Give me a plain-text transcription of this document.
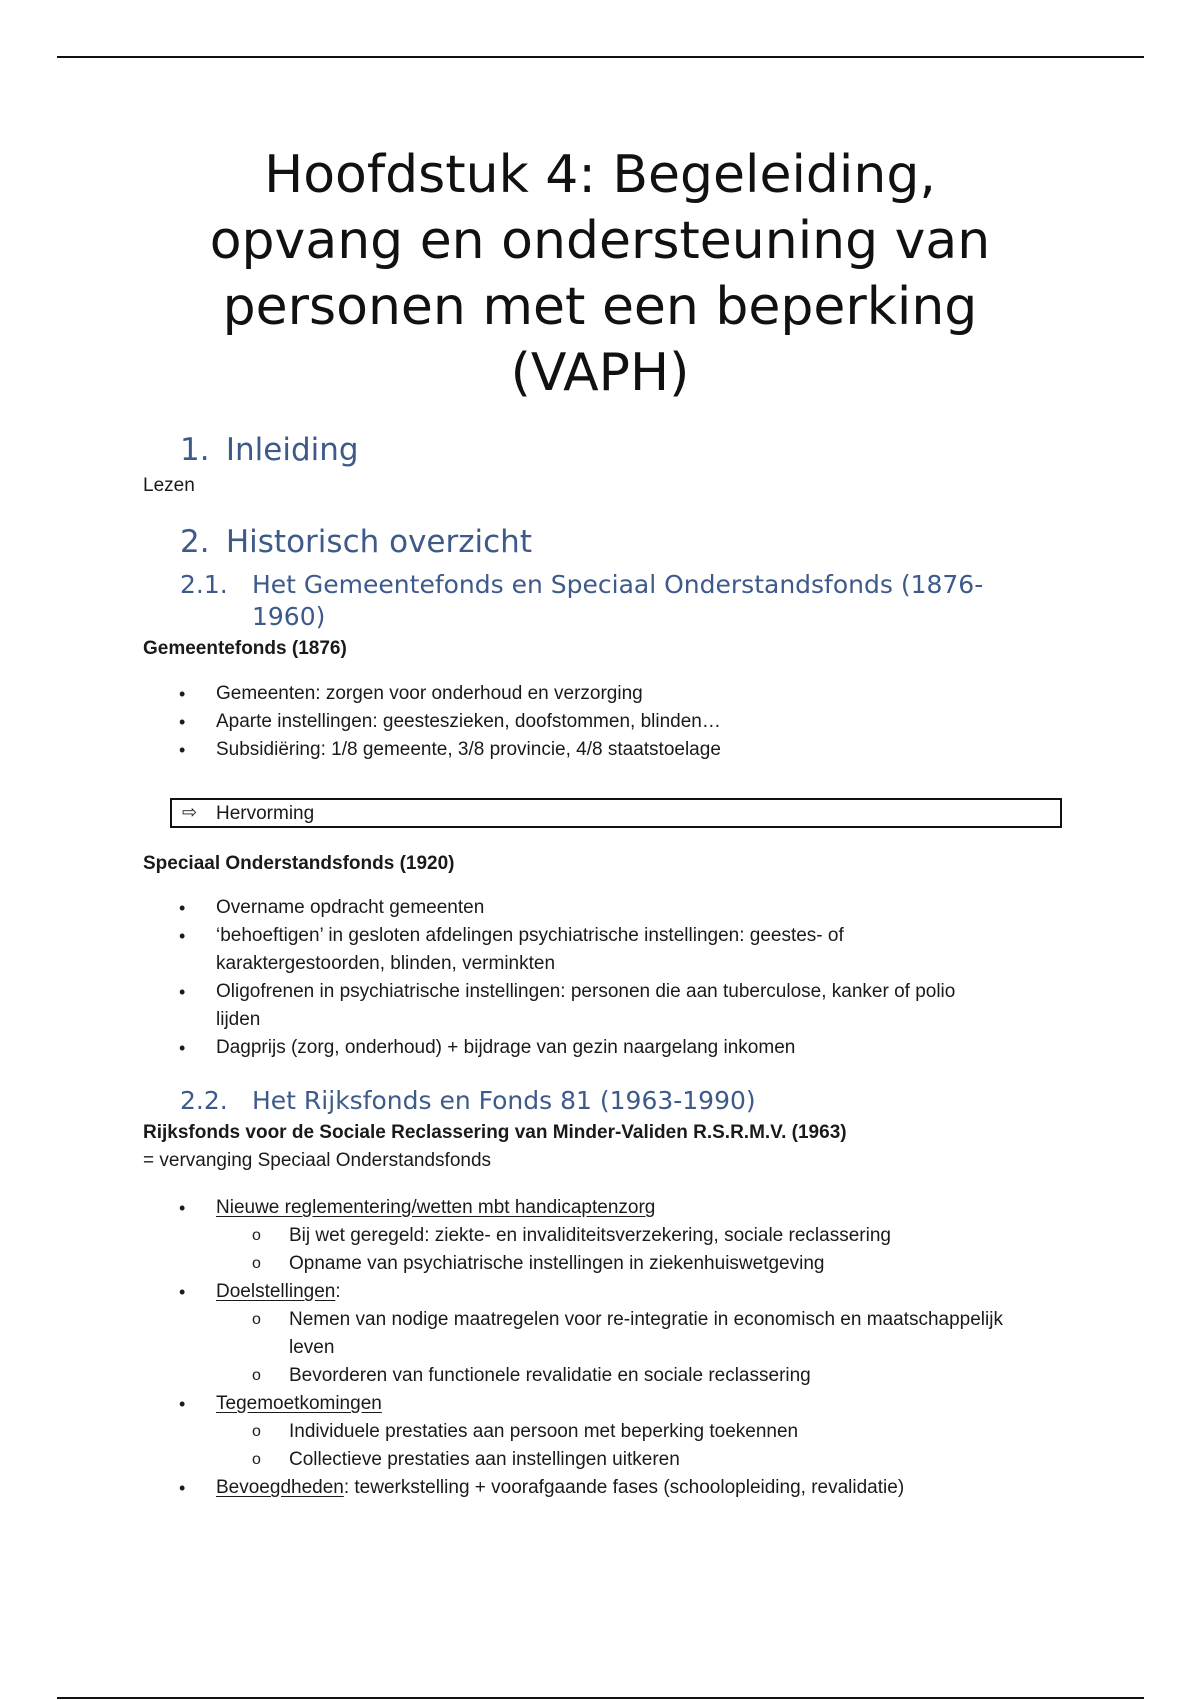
Hoofdstuk 4: Begeleiding,
opvang en ondersteuning van
personen met een beperking
(VAPH)
1. Inleiding

Lezen

2. Historisch overzicht
2.1. Het Gemeentefonds en Speciaal Onderstandsfonds (1876-
1960)

Gemeentefonds (1876)

• Gemeenten: zorgen voor onderhoud en verzorging
• Aparte instellingen: geesteszieken, doofstommen, blinden…
• Subsidiëring: 1/8 gemeente, 3/8 provincie, 4/8 staatstoelage
⇨ Hervorming

Speciaal Onderstandsfonds (1920)

• Overname opdracht gemeenten
• ‘behoeftigen’ in gesloten afdelingen psychiatrische instellingen: geestes- of
karaktergestoorden, blinden, verminkten
• Oligofrenen in psychiatrische instellingen: personen die aan tuberculose, kanker of polio
lijden
• Dagprijs (zorg, onderhoud) + bijdrage van gezin naargelang inkomen
2.2. Het Rijksfonds en Fonds 81 (1963-1990)

Rijksfonds voor de Sociale Reclassering van Minder-Validen R.S.R.M.V. (1963)

= vervanging Speciaal Onderstandsfonds

• Nieuwe reglementering/wetten mbt handicaptenzorg
o Bij wet geregeld: ziekte- en invaliditeitsverzekering, sociale reclassering
o Opname van psychiatrische instellingen in ziekenhuiswetgeving
• Doelstellingen:
o Nemen van nodige maatregelen voor re-integratie in economisch en maatschappelijk
leven
o Bevorderen van functionele revalidatie en sociale reclassering
• Tegemoetkomingen
o Individuele prestaties aan persoon met beperking toekennen
o Collectieve prestaties aan instellingen uitkeren
• Bevoegdheden: tewerkstelling + voorafgaande fases (schoolopleiding, revalidatie)
